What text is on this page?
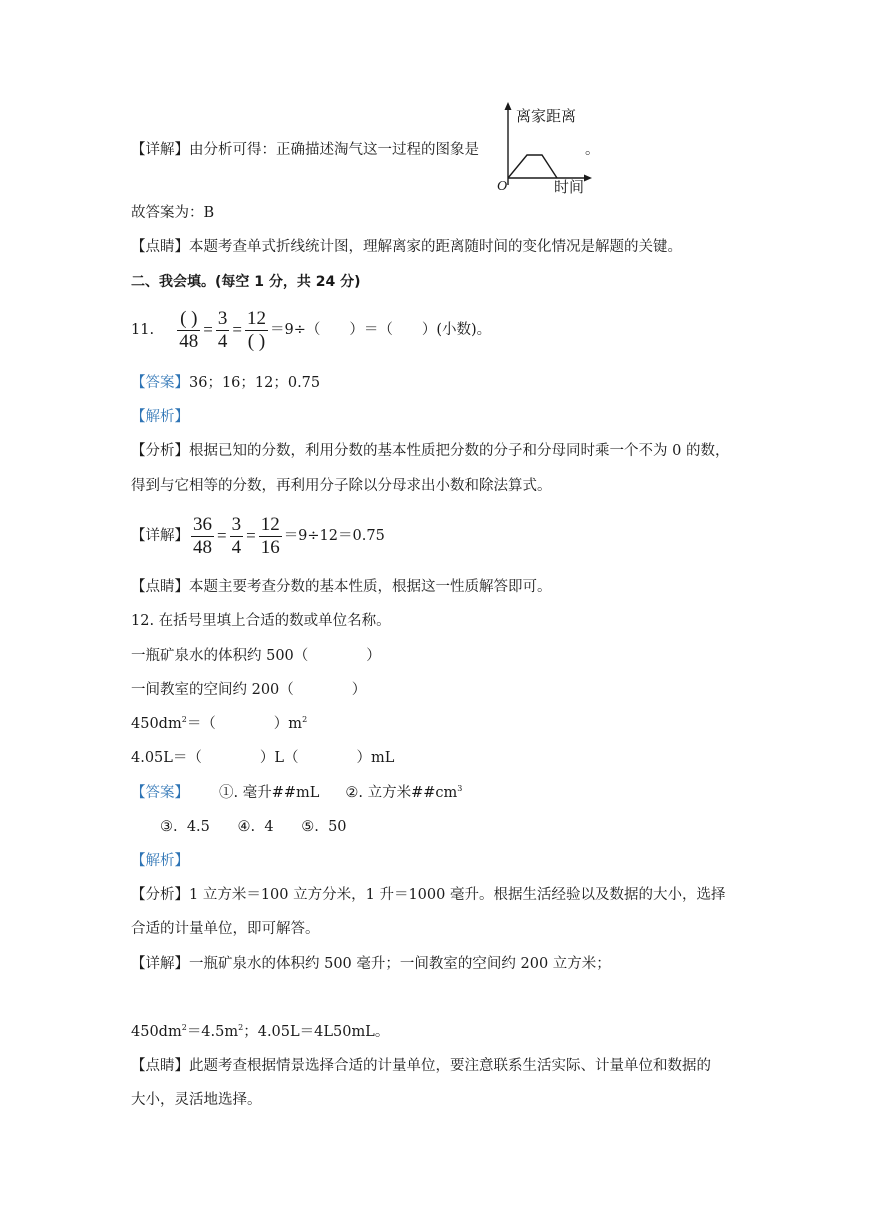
【详解】由分析可得：正确描述淘气这一过程的图象是	。
离家距离
时间
O
故答案为：B
【点睛】本题考查单式折线统计图，理解离家的距离随时间的变化情况是解题的关键。
二、我会填。(每空 1 分，共 24 分)
11. $\frac{( )}{48} = \frac{3}{4} = \frac{12}{( )} =9\div$（　　）＝（　　）(小数)。
【答案】36；16；12；0.75
【解析】
【分析】根据已知的分数，利用分数的基本性质把分数的分子和分母同时乘一个不为 0 的数，
得到与它相等的分数，再利用分子除以分母求出小数和除法算式。
【详解】 $\frac{36}{48} = \frac{3}{4} = \frac{12}{16} =9\div 12=0.75$
【点睛】本题主要考查分数的基本性质，根据这一性质解答即可。
12. 在括号里填上合适的数或单位名称。
一瓶矿泉水的体积约 500（　　　　）
一间教室的空间约 200（　　　　）
$450dm^2=$（　　　　）$m^2$
4.05L＝（　　　　）L（　　　　）mL
【答案】 ①. 毫升##mL ②. 立方米$\#\#cm^3$
③.  4.5      ④.  4      ⑤.  50
【解析】
【分析】1 立方米＝100 立方分米，1 升＝1000 毫升。根据生活经验以及数据的大小，选择
合适的计量单位，即可解答。
【详解】一瓶矿泉水的体积约 500 毫升；一间教室的空间约 200 立方米；
$450dm^2=4.5m^2$；4.05L＝4L50mL。
【点睛】此题考查根据情景选择合适的计量单位，要注意联系生活实际、计量单位和数据的
大小，灵活地选择。
